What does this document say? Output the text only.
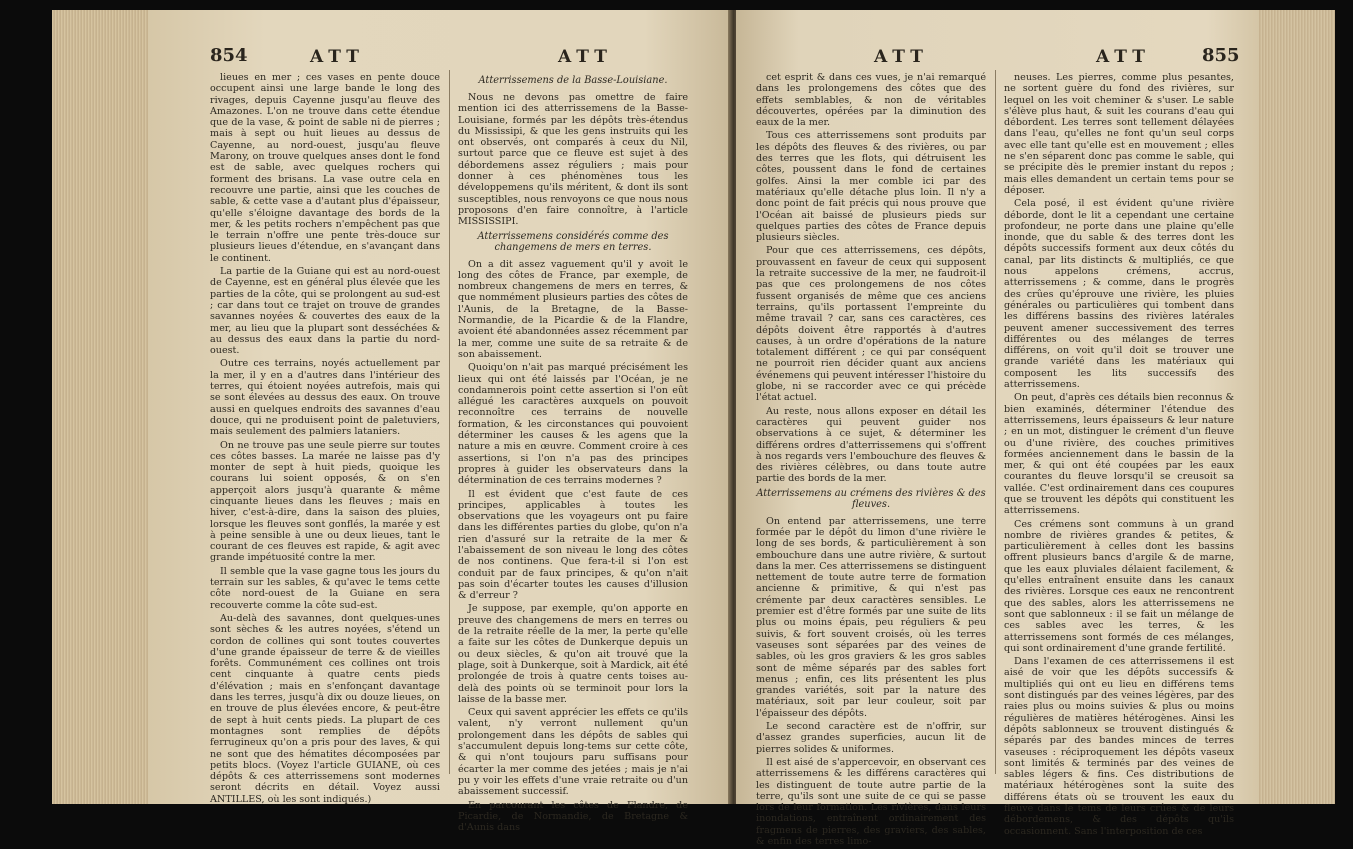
854	ATT	ATT

lieues en mer ; ces vases en pente douce occupent ainsi une large bande le long des rivages, depuis Cayenne jusqu'au fleuve des Amazones. L'on ne trouve dans cette étendue que de la vase, & point de sable ni de pierres ; mais à sept ou huit lieues au dessus de Cayenne, au nord-ouest, jusqu'au fleuve Marony, on trouve quelques anses dont le fond est de sable, avec quelques rochers qui forment des brisans. La vase outre cela en recouvre une partie, ainsi que les couches de sable, & cette vase a d'autant plus d'épaisseur, qu'elle s'éloigne davantage des bords de la mer, & les petits rochers n'empêchent pas que le terrain n'offre une pente très-douce sur plusieurs lieues d'étendue, en s'avançant dans le continent.

La partie de la Guiane qui est au nord-ouest de Cayenne, est en général plus élevée que les parties de la côte, qui se prolongent au sud-est ; car dans tout ce trajet on trouve de grandes savannes noyées & couvertes des eaux de la mer, au lieu que la plupart sont desséchées & au dessus des eaux dans la partie du nord-ouest.

Outre ces terrains, noyés actuellement par la mer, il y en a d'autres dans l'intérieur des terres, qui étoient noyées autrefois, mais qui se sont élevées au dessus des eaux. On trouve aussi en quelques endroits des savannes d'eau douce, qui ne produisent point de paletuviers, mais seulement des palmiers lataniers.

On ne trouve pas une seule pierre sur toutes ces côtes basses. La marée ne laisse pas d'y monter de sept à huit pieds, quoique les courans lui soient opposés, & on s'en apperçoit alors jusqu'à quarante & même cinquante lieues dans les fleuves ; mais en hiver, c'est-à-dire, dans la saison des pluies, lorsque les fleuves sont gonflés, la marée y est à peine sensible à une ou deux lieues, tant le courant de ces fleuves est rapide, & agit avec grande impétuosité contre la mer.

Il semble que la vase gagne tous les jours du terrain sur les sables, & qu'avec le tems cette côte nord-ouest de la Guiane en sera recouverte comme la côte sud-est.

Au-delà des savannes, dont quelques-unes sont sèches & les autres noyées, s'étend un cordon de collines qui sont toutes couvertes d'une grande épaisseur de terre & de vieilles forêts. Communément ces collines ont trois cent cinquante à quatre cents pieds d'élévation ; mais en s'enfonçant davantage dans les terres, jusqu'à dix ou douze lieues, on en trouve de plus élevées encore, & peut-être de sept à huit cents pieds. La plupart de ces montagnes sont remplies de dépôts ferrugineux qu'on a pris pour des laves, & qui ne sont que des hématites décomposées par petits blocs. (Voyez l'article GUIANE, où ces dépôts & ces atterrissemens sont modernes seront décrits en détail. Voyez aussi ANTILLES, où les sont indiqués.)

Atterrissemens de la Basse-Louisiane.

Nous ne devons pas omettre de faire mention ici des atterrissemens de la Basse-Louisiane, formés par les dépôts très-étendus du Mississipi, & que les gens instruits qui les ont observés, ont comparés à ceux du Nil, surtout parce que ce fleuve est sujet à des débordemens assez réguliers ; mais pour donner à ces phénomènes tous les développemens qu'ils méritent, & dont ils sont susceptibles, nous renvoyons ce que nous nous proposons d'en faire connoître, à l'article MISSISSIPI.

Atterrissemens considérés comme des changemens de mers en terres.

On a dit assez vaguement qu'il y avoit le long des côtes de France, par exemple, de nombreux changemens de mers en terres, & que nommément plusieurs parties des côtes de l'Aunis, de la Bretagne, de la Basse-Normandie, de la Picardie & de la Flandre, avoient été abandonnées assez récemment par la mer, comme une suite de sa retraite & de son abaissement.

Quoiqu'on n'ait pas marqué précisément les lieux qui ont été laissés par l'Océan, je ne condamnerois point cette assertion si l'on eût allégué les caractères auxquels on pouvoit reconnoître ces terrains de nouvelle formation, & les circonstances qui pouvoient déterminer les causes & les agens que la nature a mis en œuvre. Comment croire à ces assertions, si l'on n'a pas des principes propres à guider les observateurs dans la détermination de ces terrains modernes ?

Il est évident que c'est faute de ces principes, applicables à toutes les observations que les voyageurs ont pu faire dans les différentes parties du globe, qu'on n'a rien d'assuré sur la retraite de la mer & l'abaissement de son niveau le long des côtes de nos continens. Que fera-t-il si l'on est conduit par de faux principes, & qu'on n'ait pas soin d'écarter toutes les causes d'illusion & d'erreur ?

Je suppose, par exemple, qu'on apporte en preuve des changemens de mers en terres ou de la retraite réelle de la mer, la perte qu'elle a faite sur les côtes de Dunkerque depuis un ou deux siècles, & qu'on ait trouvé que la plage, soit à Dunkerque, soit à Mardick, ait été prolongée de trois à quatre cents toises au-delà des points où se terminoit pour lors la laisse de la basse mer.

Ceux qui savent apprécier les effets ce qu'ils valent, n'y verront nullement qu'un prolongement dans les dépôts de sables qui s'accumulent depuis long-tems sur cette côte, & qui n'ont toujours paru suffisans pour écarter la mer comme des jetées ; mais je n'ai pu y voir les effets d'une vraie retraite ou d'un abaissement successif.

En parcourant les côtes de Flandre, de Picardie, de Normandie, de Bretagne & d'Aunis dans

855
ATT	ATT

cet esprit & dans ces vues, je n'ai remarqué dans les prolongemens des côtes que des effets semblables, & non de véritables découvertes, opérées par la diminution des eaux de la mer.

Tous ces atterrissemens sont produits par les dépôts des fleuves & des rivières, ou par des terres que les flots, qui détruisent les côtes, poussent dans le fond de certaines golfes. Ainsi la mer comble ici par des matériaux qu'elle détache plus loin. Il n'y a donc point de fait précis qui nous prouve que l'Océan ait baissé de plusieurs pieds sur quelques parties des côtes de France depuis plusieurs siècles.

Pour que ces atterrissemens, ces dépôts, prouvassent en faveur de ceux qui supposent la retraite successive de la mer, ne faudroit-il pas que ces prolongemens de nos côtes fussent organisés de même que ces anciens terrains, qu'ils portassent l'empreinte du même travail ? car, sans ces caractères, ces dépôts doivent être rapportés à d'autres causes, à un ordre d'opérations de la nature totalement différent ; ce qui par conséquent ne pourroit rien décider quant aux anciens événemens qui peuvent intéresser l'histoire du globe, ni se raccorder avec ce qui précède l'état actuel.

Au reste, nous allons exposer en détail les caractères qui peuvent guider nos observations à ce sujet, & déterminer les différens ordres d'atterrissemens qui s'offrent à nos regards vers l'embouchure des fleuves & des rivières célèbres, ou dans toute autre partie des bords de la mer.

Atterrissemens au crémens des rivières & des fleuves.

On entend par atterrissemens, une terre formée par le dépôt du limon d'une rivière le long de ses bords, & particulièrement à son embouchure dans une autre rivière, & surtout dans la mer. Ces atterrissemens se distinguent nettement de toute autre terre de formation ancienne & primitive, & qui n'est pas crémente par deux caractères sensibles. Le premier est d'être formés par une suite de lits plus ou moins épais, peu réguliers & peu suivis, & fort souvent croisés, où les terres vaseuses sont séparées par des veines de sables, où les gros graviers & les gros sables sont de même séparés par des sables fort menus ; enfin, ces lits présentent les plus grandes variétés, soit par la nature des matériaux, soit par leur couleur, soit par l'épaisseur des dépôts.

Le second caractère est de n'offrir, sur d'assez grandes superficies, aucun lit de pierres solides & uniformes.

Il est aisé de s'appercevoir, en observant ces atterrissemens & les différens caractères qui les distinguent de toute autre partie de la terre, qu'ils sont une suite de ce qui se passe lors de leur formation. Les rivières, dans leurs inondations, entraînent ordinairement des fragmens de pierres, des graviers, des sables, & enfin des terres limo-

neuses. Les pierres, comme plus pesantes, ne sortent guère du fond des rivières, sur lequel on les voit cheminer & s'user. Le sable s'élève plus haut, & suit les courans d'eau qui débordent. Les terres sont tellement délayées dans l'eau, qu'elles ne font qu'un seul corps avec elle tant qu'elle est en mouvement ; elles ne s'en séparent donc pas comme le sable, qui se précipite dès le premier instant du repos ; mais elles demandent un certain tems pour se déposer.

Cela posé, il est évident qu'une rivière déborde, dont le lit a cependant une certaine profondeur, ne porte dans une plaine qu'elle inonde, que du sable & des terres dont les dépôts successifs forment aux deux côtés du canal, par lits distincts & multipliés, ce que nous appelons crémens, accrus, atterrissemens ; & comme, dans le progrès des crûes qu'éprouve une rivière, les pluies générales ou particulières qui tombent dans les différens bassins des rivières latérales peuvent amener successivement des terres différentes ou des mélanges de terres différens, on voit qu'il doit se trouver une grande variété dans les matériaux qui composent les lits successifs des atterrissemens.

On peut, d'après ces détails bien reconnus & bien examinés, déterminer l'étendue des atterrissemens, leurs épaisseurs & leur nature ; en un mot, distinguer le crément d'un fleuve ou d'une rivière, des couches primitives formées anciennement dans le bassin de la mer, & qui ont été coupées par les eaux courantes du fleuve lorsqu'il se creusoit sa vallée. C'est ordinairement dans ces coupures que se trouvent les dépôts qui constituent les atterrissemens.

Ces crémens sont communs à un grand nombre de rivières grandes & petites, & particulièrement à celles dont les bassins offrent plusieurs bancs d'argile & de marne, que les eaux pluviales délaient facilement, & qu'elles entraînent ensuite dans les canaux des rivières. Lorsque ces eaux ne rencontrent que des sables, alors les atterrissemens ne sont que sablonneux : il se fait un mélange de ces sables avec les terres, & les atterrissemens sont formés de ces mélanges, qui sont ordinairement d'une grande fertilité.

Dans l'examen de ces atterrissemens il est aisé de voir que les dépôts successifs & multipliés qui ont eu lieu en différens tems sont distingués par des veines légères, par des raies plus ou moins suivies & plus ou moins régulières de matières hétérogènes. Ainsi les dépôts sablonneux se trouvent distingués & séparés par des bandes minces de terres vaseuses : réciproquement les dépôts vaseux sont limités & terminés par des veines de sables légers & fins. Ces distributions de matériaux hétérogènes sont la suite des différens états où se trouvent les eaux du fleuve dans le tems de leurs crûes & de leurs débordemens, & des dépôts qu'ils occasionnent. Sans l'interposition de ces
